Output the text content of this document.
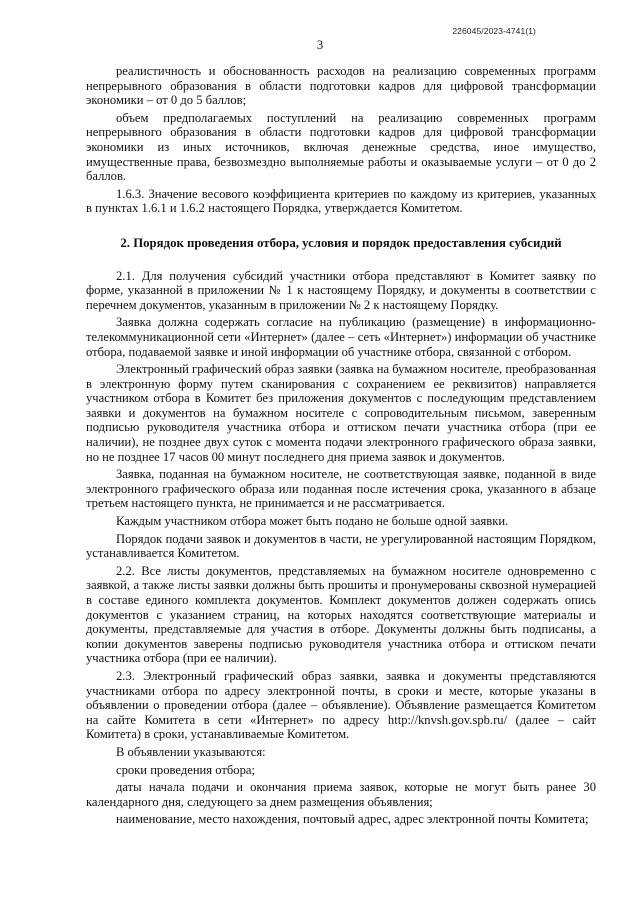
226045/2023-4741(1)
3

реалистичность и обоснованность расходов на реализацию современных программ непрерывного образования в области подготовки кадров для цифровой трансформации экономики – от 0 до 5 баллов;

объем предполагаемых поступлений на реализацию современных программ непрерывного образования в области подготовки кадров для цифровой трансформации экономики из иных источников, включая денежные средства, иное имущество, имущественные права, безвозмездно выполняемые работы и оказываемые услуги – от 0 до 2 баллов.

1.6.3. Значение весового коэффициента критериев по каждому из критериев, указанных в пунктах 1.6.1 и 1.6.2 настоящего Порядка, утверждается Комитетом.

2. Порядок проведения отбора, условия и порядок предоставления субсидий

2.1. Для получения субсидий участники отбора представляют в Комитет заявку по форме, указанной в приложении № 1 к настоящему Порядку, и документы в соответствии с перечнем документов, указанным в приложении № 2 к настоящему Порядку.

Заявка должна содержать согласие на публикацию (размещение) в информационно-телекоммуникационной сети «Интернет» (далее – сеть «Интернет») информации об участнике отбора, подаваемой заявке и иной информации об участнике отбора, связанной с отбором.

Электронный графический образ заявки (заявка на бумажном носителе, преобразованная в электронную форму путем сканирования с сохранением ее реквизитов) направляется участником отбора в Комитет без приложения документов с последующим представлением заявки и документов на бумажном носителе с сопроводительным письмом, заверенным подписью руководителя участника отбора и оттиском печати участника отбора (при ее наличии), не позднее двух суток с момента подачи электронного графического образа заявки, но не позднее 17 часов 00 минут последнего дня приема заявок и документов.

Заявка, поданная на бумажном носителе, не соответствующая заявке, поданной в виде электронного графического образа или поданная после истечения срока, указанного в абзаце третьем настоящего пункта, не принимается и не рассматривается.

Каждым участником отбора может быть подано не больше одной заявки.

Порядок подачи заявок и документов в части, не урегулированной настоящим Порядком, устанавливается Комитетом.

2.2. Все листы документов, представляемых на бумажном носителе одновременно с заявкой, а также листы заявки должны быть прошиты и пронумерованы сквозной нумерацией в составе единого комплекта документов. Комплект документов должен содержать опись документов с указанием страниц, на которых находятся соответствующие материалы и документы, представляемые для участия в отборе. Документы должны быть подписаны, а копии документов заверены подписью руководителя участника отбора и оттиском печати участника отбора (при ее наличии).

2.3. Электронный графический образ заявки, заявка и документы представляются участниками отбора по адресу электронной почты, в сроки и месте, которые указаны в объявлении о проведении отбора (далее – объявление). Объявление размещается Комитетом на сайте Комитета в сети «Интернет» по адресу http://knvsh.gov.spb.ru/ (далее – сайт Комитета) в сроки, устанавливаемые Комитетом.

В объявлении указываются:

сроки проведения отбора;

даты начала подачи и окончания приема заявок, которые не могут быть ранее 30 календарного дня, следующего за днем размещения объявления;

наименование, место нахождения, почтовый адрес, адрес электронной почты Комитета;
